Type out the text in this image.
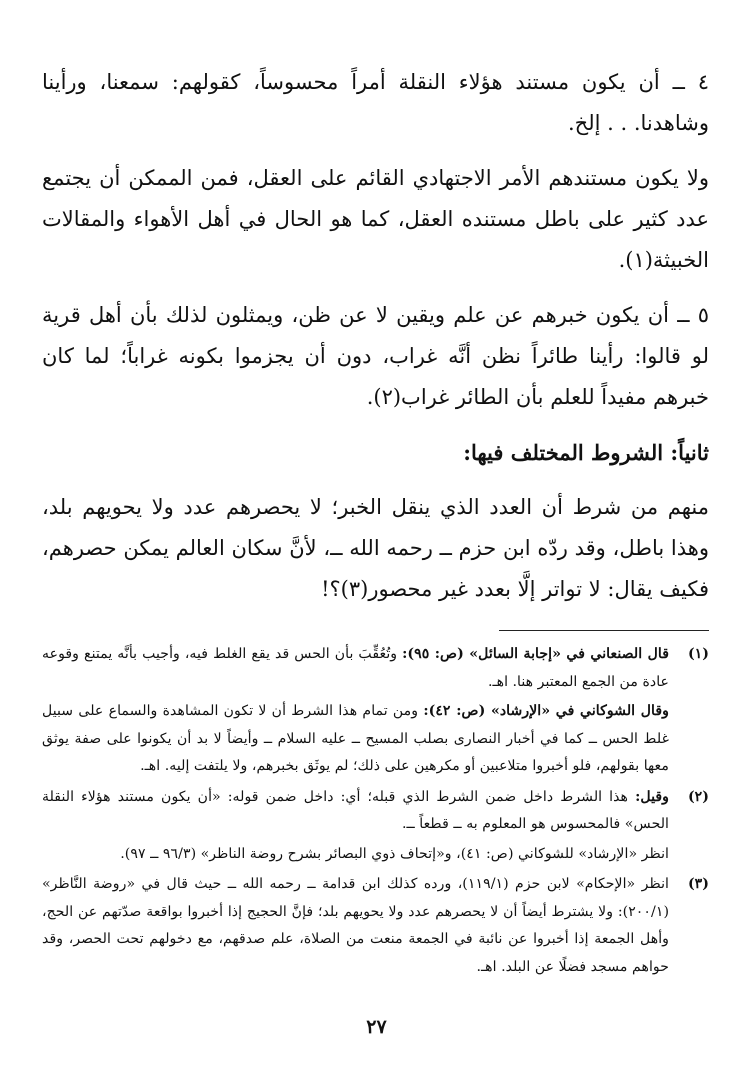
٤ ــ أن يكون مستند هؤلاء النقلة أمراً محسوساً، كقولهم: سمعنا، ورأينا وشاهدنا. . . إلخ.

ولا يكون مستندهم الأمر الاجتهادي القائم على العقل، فمن الممكن أن يجتمع عدد كثير على باطل مستنده العقل، كما هو الحال في أهل الأهواء والمقالات الخبيثة(١).

٥ ــ أن يكون خبرهم عن علم ويقين لا عن ظن، ويمثلون لذلك بأن أهل قرية لو قالوا: رأينا طائراً نظن أنَّه غراب، دون أن يجزموا بكونه غراباً؛ لما كان خبرهم مفيداً للعلم بأن الطائر غراب(٢).

ثانياً: الشروط المختلف فيها:

منهم من شرط أن العدد الذي ينقل الخبر؛ لا يحصرهم عدد ولا يحويهم بلد، وهذا باطل، وقد ردّه ابن حزم ــ رحمه الله ــ، لأنَّ سكان العالم يمكن حصرهم، فكيف يقال: لا تواتر إلَّا بعدد غير محصور(٣)؟!

(١)

قال الصنعاني في «إجابة السائل» (ص: ٩٥): وتُعُقِّبَ بأن الحس قد يقع الغلط فيه، وأجيب بأنَّه يمتنع وقوعه عادة من الجمع المعتبر هنا. اهـ.

وقال الشوكاني في «الإرشاد» (ص: ٤٢): ومن تمام هذا الشرط أن لا تكون المشاهدة والسماع على سبيل غلط الحس ــ كما في أخبار النصارى بصلب المسيح ــ عليه السلام ــ وأيضاً لا بد أن يكونوا على صفة يوثق معها بقولهم، فلو أخبروا متلاعبين أو مكرهين على ذلك؛ لم يوثَق بخبرهم، ولا يلتفت إليه. اهـ.

(٢)

وقيل: هذا الشرط داخل ضمن الشرط الذي قبله؛ أي: داخل ضمن قوله: «أن يكون مستند هؤلاء النقلة الحس» فالمحسوس هو المعلوم به ــ قطعاً ــ.

انظر «الإرشاد» للشوكاني (ص: ٤١)، و«إتحاف ذوي البصائر بشرح روضة الناظر» (٩٦/٣ ــ ٩٧).

(٣)

انظر «الإحكام» لابن حزم (١١٩/١)، ورده كذلك ابن قدامة ــ رحمه الله ــ حيث قال في «روضة النَّاظر» (٢٠٠/١): ولا يشترط أيضاً أن لا يحصرهم عدد ولا يحويهم بلد؛ فإنَّ الحجيج إذا أخبروا بواقعة صدّتهم عن الحج، وأهل الجمعة إذا أخبروا عن نائبة في الجمعة منعت من الصلاة، علم صدقهم، مع دخولهم تحت الحصر، وقد حواهم مسجد فضلًا عن البلد. اهـ.

٢٧
